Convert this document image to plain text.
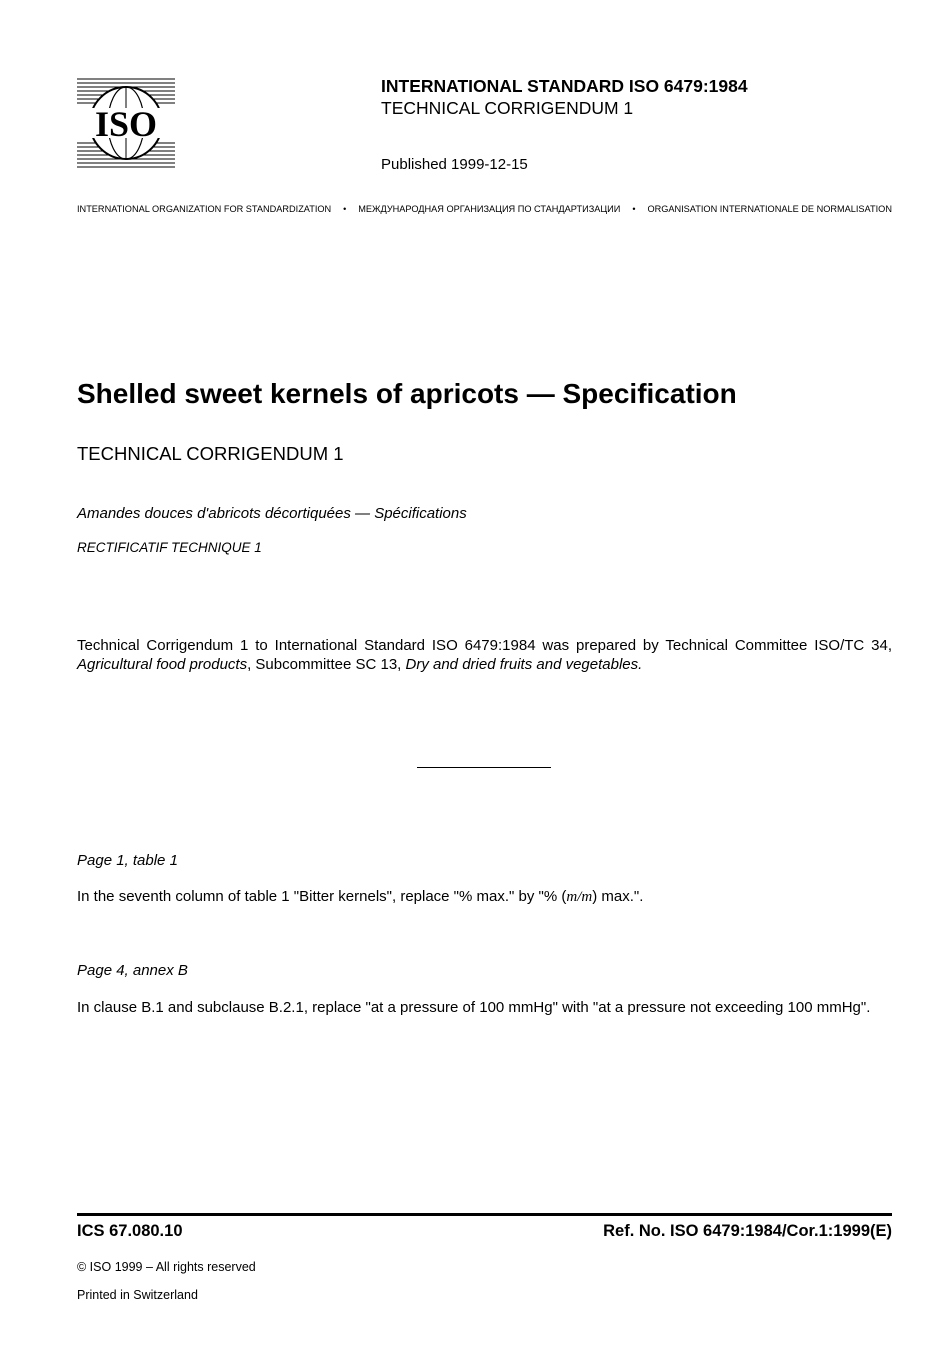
ISO
INTERNATIONAL STANDARD ISO 6479:1984
TECHNICAL CORRIGENDUM 1
Published 1999-12-15
INTERNATIONAL ORGANIZATION FOR STANDARDIZATION	•	МЕЖДУНАРОДНАЯ ОРГАНИЗАЦИЯ ПО СТАНДАРТИЗАЦИИ	•	ORGANISATION INTERNATIONALE DE NORMALISATION
Shelled sweet kernels of apricots — Specification
TECHNICAL CORRIGENDUM 1
Amandes douces d'abricots décortiquées — Spécifications
RECTIFICATIF TECHNIQUE 1
Technical Corrigendum 1 to International Standard ISO 6479:1984 was prepared by Technical Committee ISO/TC 34, Agricultural food products, Subcommittee SC 13, Dry and dried fruits and vegetables.
Page 1, table 1
In the seventh column of table 1 "Bitter kernels", replace "% max." by "% (m/m) max.".
Page 4, annex B
In clause B.1 and subclause B.2.1, replace "at a pressure of 100 mmHg" with "at a pressure not exceeding 100 mmHg".
ICS 67.080.10	Ref. No. ISO 6479:1984/Cor.1:1999(E)
© ISO 1999 – All rights reserved
Printed in Switzerland
